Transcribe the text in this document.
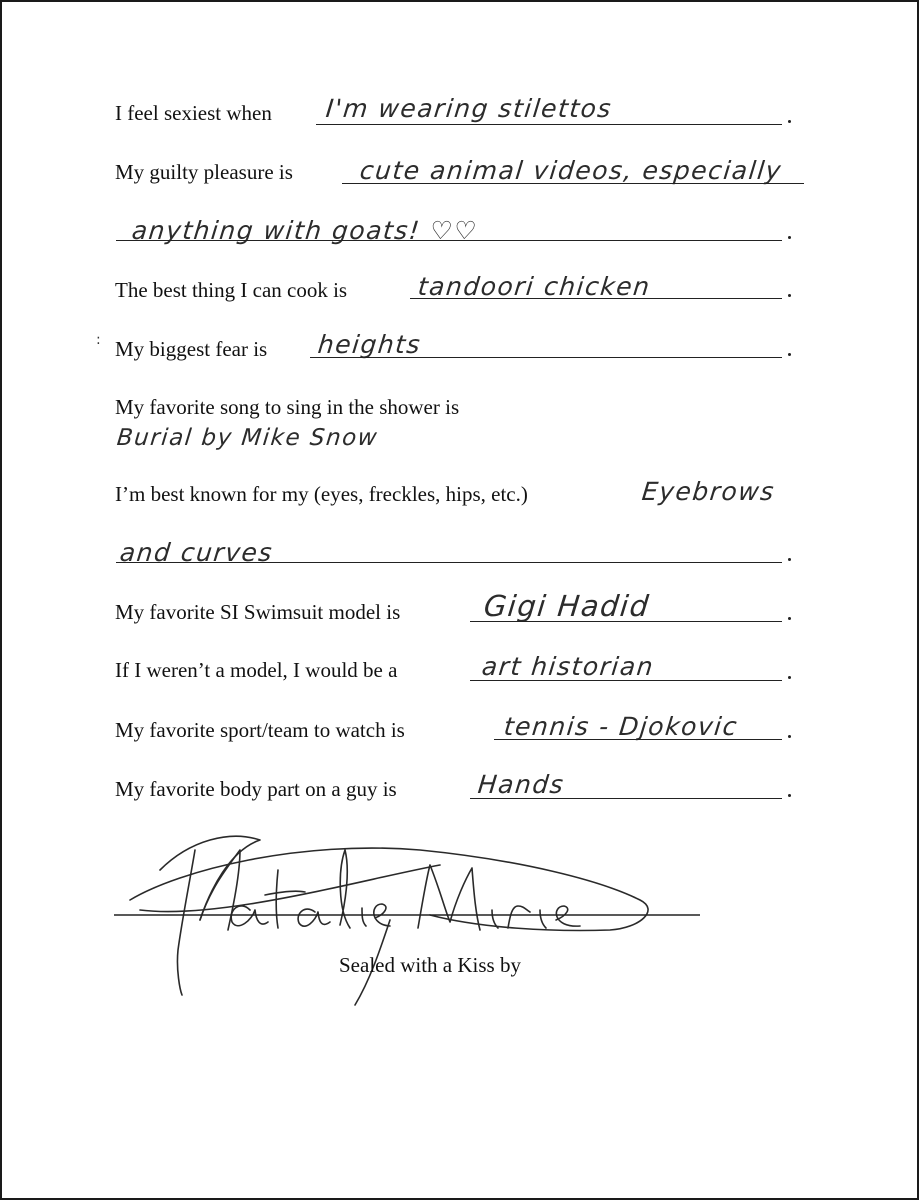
I feel sexiest when I'm wearing stilettos
My guilty pleasure is	cute animal videos, especially
anything with goats! ♡♡
The best thing I can cook is	tandoori chicken
: My biggest fear is heights
My favorite song to sing in the shower is
Burial by Mike Snow
I’m best known for my (eyes, freckles, hips, etc.)	Eyebrows
and curves
My favorite SI Swimsuit model is	Gigi Hadid
If I weren’t a model, I would be a	art historian
My favorite sport/team to watch is	tennis - Djokovic
My favorite body part on a guy is	Hands
Sealed with a Kiss by
